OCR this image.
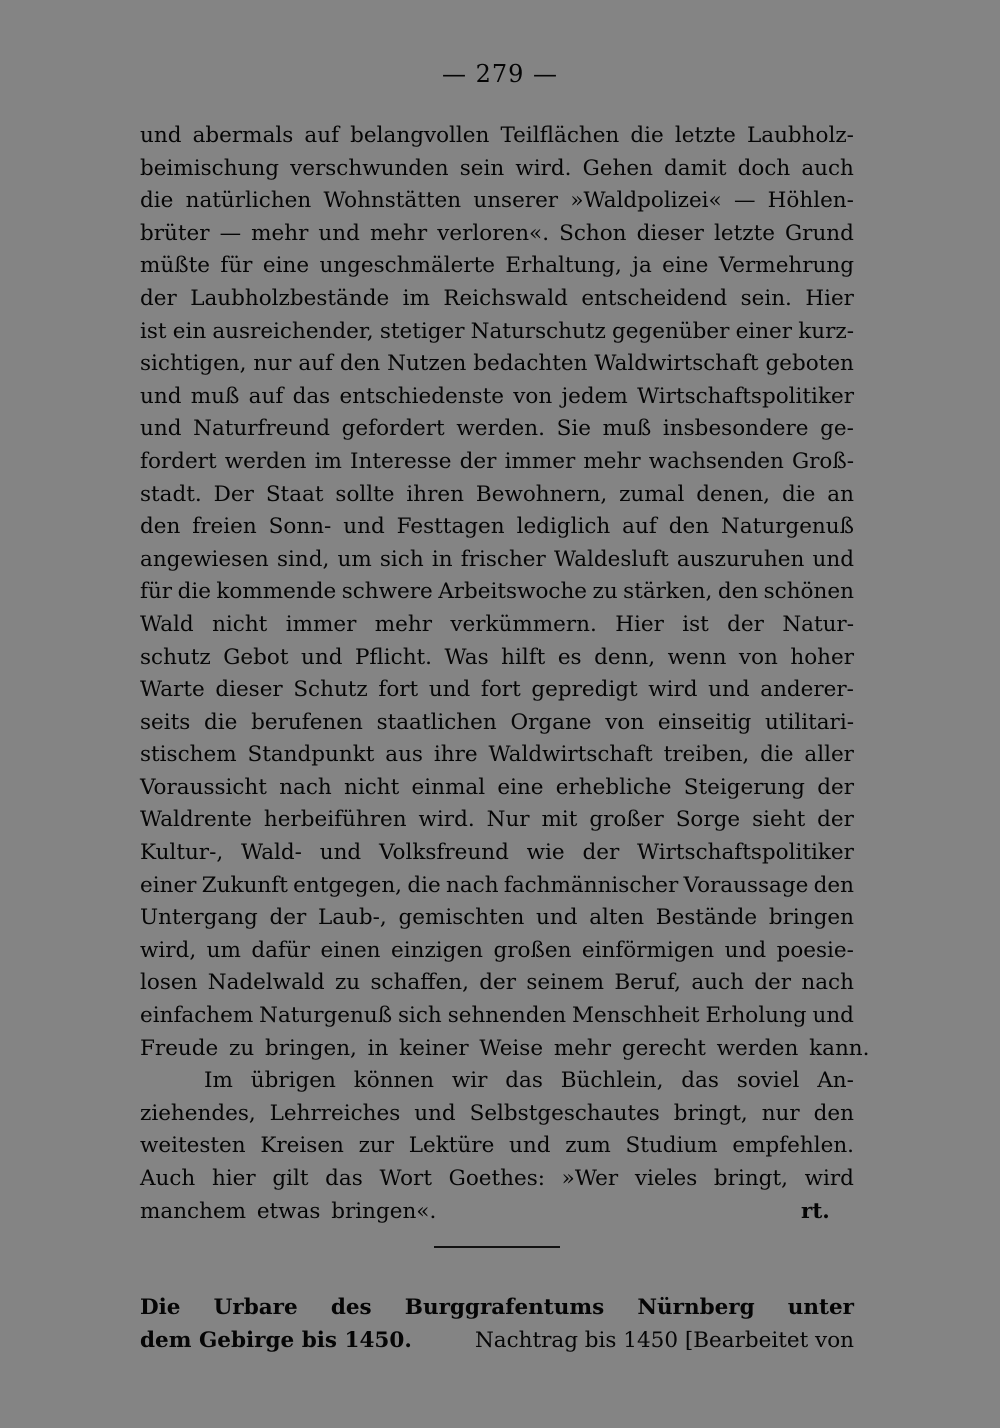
— 279 —
und abermals auf belangvollen Teilflächen die letzte Laubholz-
beimischung verschwunden sein wird. Gehen damit doch auch
die natürlichen Wohnstätten unserer »Waldpolizei« — Höhlen-
brüter — mehr und mehr verloren«. Schon dieser letzte Grund
müßte für eine ungeschmälerte Erhaltung, ja eine Vermehrung
der Laubholzbestände im Reichswald entscheidend sein. Hier
ist ein ausreichender, stetiger Naturschutz gegenüber einer kurz-
sichtigen, nur auf den Nutzen bedachten Waldwirtschaft geboten
und muß auf das entschiedenste von jedem Wirtschaftspolitiker
und Naturfreund gefordert werden. Sie muß insbesondere ge-
fordert werden im Interesse der immer mehr wachsenden Groß-
stadt. Der Staat sollte ihren Bewohnern, zumal denen, die an
den freien Sonn- und Festtagen lediglich auf den Naturgenuß
angewiesen sind, um sich in frischer Waldesluft auszuruhen und
für die kommende schwere Arbeitswoche zu stärken, den schönen
Wald nicht immer mehr verkümmern. Hier ist der Natur-
schutz Gebot und Pflicht. Was hilft es denn, wenn von hoher
Warte dieser Schutz fort und fort gepredigt wird und anderer-
seits die berufenen staatlichen Organe von einseitig utilitari-
stischem Standpunkt aus ihre Waldwirtschaft treiben, die aller
Voraussicht nach nicht einmal eine erhebliche Steigerung der
Waldrente herbeiführen wird. Nur mit großer Sorge sieht der
Kultur-, Wald- und Volksfreund wie der Wirtschaftspolitiker
einer Zukunft entgegen, die nach fachmännischer Voraussage den
Untergang der Laub-, gemischten und alten Bestände bringen
wird, um dafür einen einzigen großen einförmigen und poesie-
losen Nadelwald zu schaffen, der seinem Beruf, auch der nach
einfachem Naturgenuß sich sehnenden Menschheit Erholung und
Freude zu bringen, in keiner Weise mehr gerecht werden kann.
Im übrigen können wir das Büchlein, das soviel An-
ziehendes, Lehrreiches und Selbstgeschautes bringt, nur den
weitesten Kreisen zur Lektüre und zum Studium empfehlen.
Auch hier gilt das Wort Goethes: »Wer vieles bringt, wird
manchem etwas bringen«.	rt.
Die Urbare des Burggrafentums Nürnberg unter
dem Gebirge bis 1450.	Nachtrag bis 1450 [Bearbeitet von
